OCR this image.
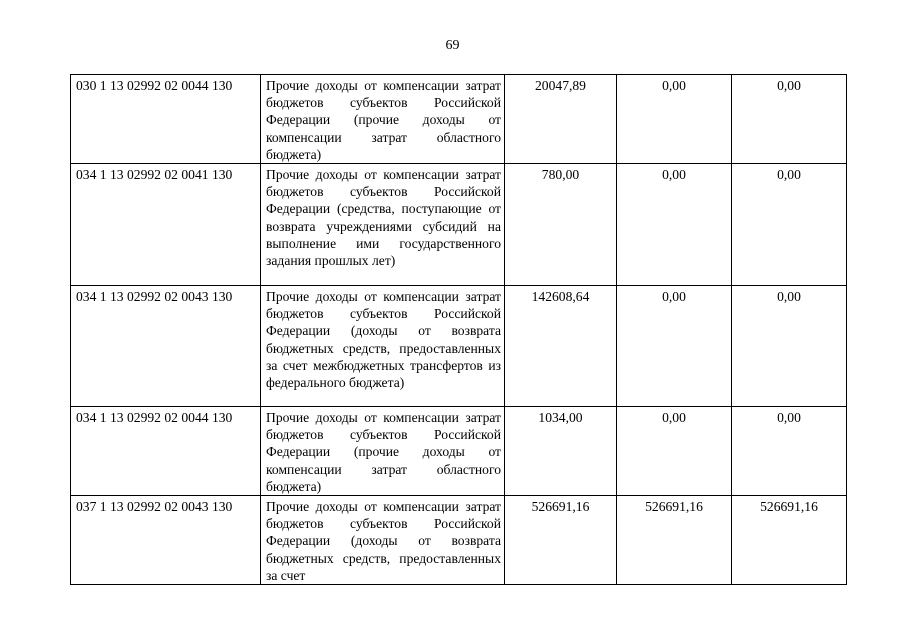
69
030 1 13 02992 02 0044 130	Прочие доходы от компенсации затрат бюджетов субъектов Российской Федерации (прочие доходы от компенсации затрат областного бюджета)	20047,89	0,00	0,00
034 1 13 02992 02 0041 130	Прочие доходы от компенсации затрат бюджетов субъектов Российской Федерации (средства, поступающие от возврата учреждениями субсидий на выполнение ими государственного задания прошлых лет)	780,00	0,00	0,00
034 1 13 02992 02 0043 130	Прочие доходы от компенсации затрат бюджетов субъектов Российской Федерации (доходы от возврата бюджетных средств, предоставленных за счет межбюджетных трансфертов из федерального бюджета)	142608,64	0,00	0,00
034 1 13 02992 02 0044 130	Прочие доходы от компенсации затрат бюджетов субъектов Российской Федерации (прочие доходы от компенсации затрат областного бюджета)	1034,00	0,00	0,00
037 1 13 02992 02 0043 130	Прочие доходы от компенсации затрат бюджетов субъектов Российской Федерации (доходы от возврата бюджетных средств, предоставленных за счет	526691,16	526691,16	526691,16
